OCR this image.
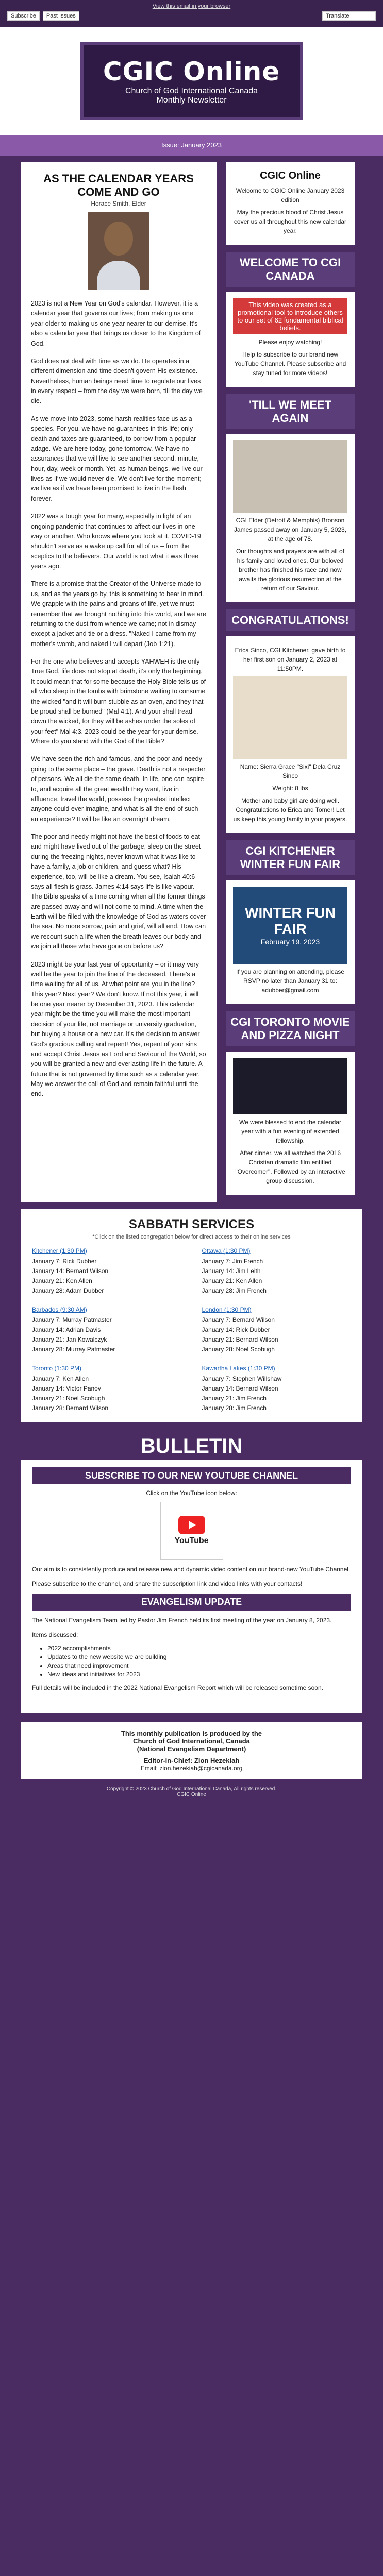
View this email in your browser
Subscribe	Past Issues	Translate
CGIC Online
Church of God International Canada
Monthly Newsletter
Issue: January 2023
AS THE CALENDAR YEARS COME AND GO
Horace Smith, Elder

2023 is not a New Year on God's calendar. However, it is a calendar year that governs our lives; from making us one year older to making us one year nearer to our demise. It's also a calendar year that brings us closer to the Kingdom of God.

God does not deal with time as we do. He operates in a different dimension and time doesn't govern His existence. Nevertheless, human beings need time to regulate our lives in every respect – from the day we were born, till the day we die.

As we move into 2023, some harsh realities face us as a species. For you, we have no guarantees in this life; only death and taxes are guaranteed, to borrow from a popular adage. We are here today, gone tomorrow. We have no assurances that we will live to see another second, minute, hour, day, week or month. Yet, as human beings, we live our lives as if we would never die. We don't live for the moment; we live as if we have been promised to live in the flesh forever.

2022 was a tough year for many, especially in light of an ongoing pandemic that continues to affect our lives in one way or another. Who knows where you took at it, COVID-19 shouldn't serve as a wake up call for all of us – from the sceptics to the believers. Our world is not what it was three years ago.

There is a promise that the Creator of the Universe made to us, and as the years go by, this is something to bear in mind. We grapple with the pains and groans of life, yet we must remember that we brought nothing into this world, and we are returning to the dust from whence we came; not in dismay – except a jacket and tie or a dress. "Naked I came from my mother's womb, and naked I will depart (Job 1:21).

For the one who believes and accepts YAHWEH is the only True God, life does not stop at death, it's only the beginning. It could mean that for some because the Holy Bible tells us of all who sleep in the tombs with brimstone waiting to consume the wicked "and it will burn stubble as an oven, and they that be proud shall be burned" (Mal 4:1). And your shall tread down the wicked, for they will be ashes under the soles of your feet" Mal 4:3. 2023 could be the year for your demise. Where do you stand with the God of the Bible?

We have seen the rich and famous, and the poor and needy going to the same place – the grave. Death is not a respecter of persons. We all die the same death. In life, one can aspire to, and acquire all the great wealth they want, live in affluence, travel the world, possess the greatest intellect anyone could ever imagine, and what is all the end of such an experience? It will be like an overnight dream.

The poor and needy might not have the best of foods to eat and might have lived out of the garbage, sleep on the street during the freezing nights, never known what it was like to have a family, a job or children, and guess what? His experience, too, will be like a dream. You see, Isaiah 40:6 says all flesh is grass. James 4:14 says life is like vapour. The Bible speaks of a time coming when all the former things are passed away and will not come to mind. A time when the Earth will be filled with the knowledge of God as waters cover the sea. No more sorrow, pain and grief, will all end. How can we recount such a life when the breath leaves our body and we join all those who have gone on before us?

2023 might be your last year of opportunity – or it may very well be the year to join the line of the deceased. There's a time waiting for all of us. At what point are you in the line? This year? Next year? We don't know. If not this year, it will be one year nearer by December 31, 2023. This calendar year might be the time you will make the most important decision of your life, not marriage or university graduation, but buying a house or a new car. It's the decision to answer God's gracious calling and repent! Yes, repent of your sins and accept Christ Jesus as Lord and Saviour of the World, so you will be granted a new and everlasting life in the future. A future that is not governed by time such as a calendar year. May we answer the call of God and remain faithful until the end.

CGIC Online

Welcome to CGIC Online January 2023 edition

May the precious blood of Christ Jesus cover us all throughout this new calendar year.

WELCOME TO CGI CANADA
This video was created as a promotional tool to introduce others to our set of 62 fundamental biblical beliefs.

Please enjoy watching!

Help to subscribe to our brand new YouTube Channel. Please subscribe and stay tuned for more videos!

'TILL WE MEET AGAIN

CGI Elder (Detroit & Memphis) Bronson James passed away on January 5, 2023, at the age of 78.

Our thoughts and prayers are with all of his family and loved ones. Our beloved brother has finished his race and now awaits the glorious resurrection at the return of our Saviour.

CONGRATULATIONS!

Erica Sinco, CGI Kitchener, gave birth to her first son on January 2, 2023 at 11:50PM.

Name: Sierra Grace "Sixi" Dela Cruz Sinco

Weight: 8 lbs

Mother and baby girl are doing well. Congratulations to Erica and Tomer! Let us keep this young family in your prayers.

CGI KITCHENER WINTER FUN FAIR
WINTER FUN FAIR
February 19, 2023

If you are planning on attending, please RSVP no later than January 31 to: adubber@gmail.com

CGI TORONTO MOVIE AND PIZZA NIGHT

We were blessed to end the calendar year with a fun evening of extended fellowship.

After cinner, we all watched the 2016 Christian dramatic film entitled "Overcomer". Followed by an interactive group discussion.

SABBATH SERVICES
*Click on the listed congregation below for direct access to their online services
Kitchener (1:30 PM)
January 7: Rick Dubber
January 14: Bernard Wilson
January 21: Ken Allen
January 28: Adam Dubber
Ottawa (1:30 PM)
January 7: Jim French
January 14: Jim Leith
January 21: Ken Allen
January 28: Jim French
Barbados (9:30 AM)
January 7: Murray Patmaster
January 14: Adrian Davis
January 21: Jan Kowalczyk
January 28: Murray Patmaster
London (1:30 PM)
January 7: Bernard Wilson
January 14: Rick Dubber
January 21: Bernard Wilson
January 28: Noel Scobugh
Toronto (1:30 PM)
January 7: Ken Allen
January 14: Victor Panov
January 21: Noel Scobugh
January 28: Bernard Wilson
Kawartha Lakes (1:30 PM)
January 7: Stephen Willshaw
January 14: Bernard Wilson
January 21: Jim French
January 28: Jim French
BULLETIN
SUBSCRIBE TO OUR NEW YOUTUBE CHANNEL
Click on the YouTube icon below:
YouTube

Our aim is to consistently produce and release new and dynamic video content on our brand-new YouTube Channel.

Please subscribe to the channel, and share the subscription link and video links with your contacts!

EVANGELISM UPDATE

The National Evangelism Team led by Pastor Jim French held its first meeting of the year on January 8, 2023.

Items discussed:

• 2022 accomplishments
• Updates to the new website we are building
• Areas that need improvement
• New ideas and initiatives for 2023

Full details will be included in the 2022 National Evangelism Report which will be released sometime soon.

This monthly publication is produced by the
Church of God International, Canada
(National Evangelism Department)
Editor-in-Chief: Zion Hezekiah
Email: zion.hezekiah@cgicanada.org
Copyright © 2023 Church of God International Canada, All rights reserved.
CGIC Online
